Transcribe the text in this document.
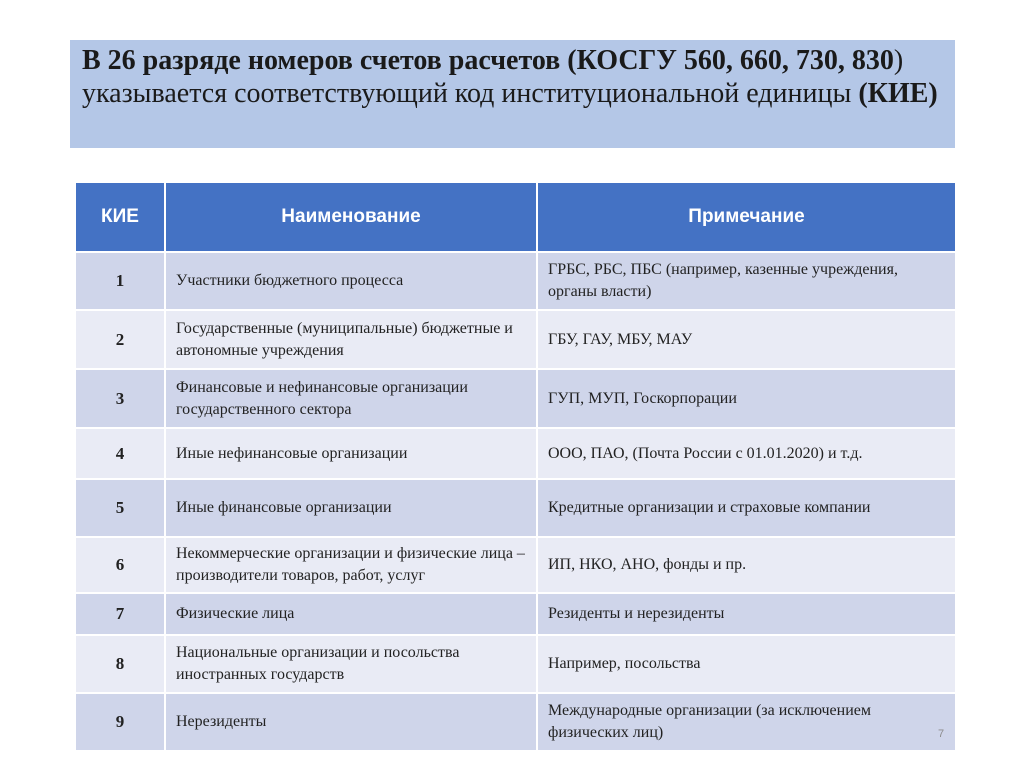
В 26 разряде номеров счетов расчетов (КОСГУ 560, 660, 730, 830) указывается соответствующий код институциональной единицы (КИЕ)

КИЕ	Наименование	Примечание
1	Участники бюджетного процесса	ГРБС, РБС, ПБС (например, казенные учреждения, органы власти)
2	Государственные (муниципальные) бюджетные и автономные учреждения	ГБУ, ГАУ, МБУ, МАУ
3	Финансовые и нефинансовые организации государственного сектора	ГУП, МУП, Госкорпорации
4	Иные нефинансовые организации	ООО, ПАО, (Почта России с 01.01.2020) и т.д.
5	Иные финансовые организации	Кредитные организации и страховые компании
6	Некоммерческие организации и физические лица – производители товаров, работ, услуг	ИП, НКО, АНО, фонды и пр.
7	Физические лица	Резиденты и нерезиденты
8	Национальные организации и посольства иностранных государств	Например, посольства
9	Нерезиденты	Международные организации (за исключением физических лиц)	7
